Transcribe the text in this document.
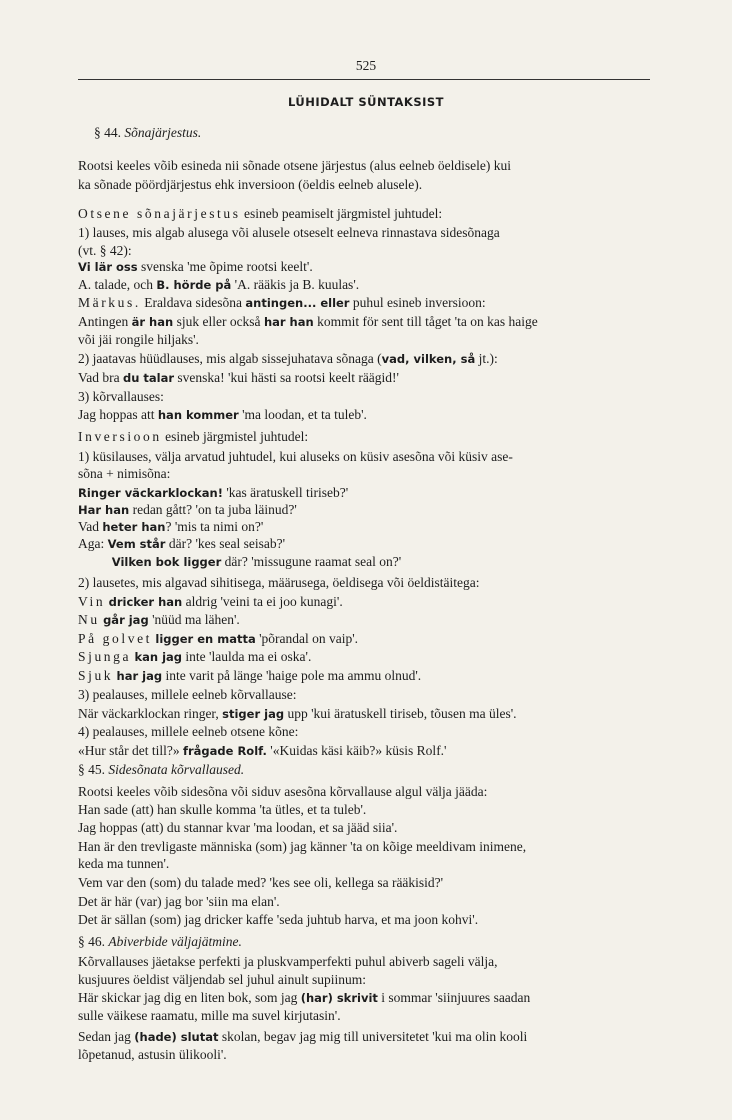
525
LÜHIDALT SÜNTAKSIST
§ 44. Sõnajärjestus.
Rootsi keeles võib esineda nii sõnade otsene järjestus (alus eelneb öeldisele) kui
ka sõnade pöördjärjestus ehk inversioon (öeldis eelneb alusele).
Otsene sõnajärjestus esineb peamiselt järgmistel juhtudel:
1) lauses, mis algab alusega või alusele otseselt eelneva rinnastava sidesõnaga
(vt. § 42):
Vi lär oss svenska 'me õpime rootsi keelt'.
A. talade, och B. hörde på 'A. rääkis ja B. kuulas'.
Märkus. Eraldava sidesõna antingen... eller puhul esineb inversioon:
Antingen är han sjuk eller också har han kommit för sent till tåget 'ta on kas haige
või jäi rongile hiljaks'.
2) jaatavas hüüdlauses, mis algab sissejuhatava sõnaga (vad, vilken, så jt.):
Vad bra du talar svenska! 'kui hästi sa rootsi keelt räägid!'
3) kõrvallauses:
Jag hoppas att han kommer 'ma loodan, et ta tuleb'.
Inversioon esineb järgmistel juhtudel:
1) küsilauses, välja arvatud juhtudel, kui aluseks on küsiv asesõna või küsiv ase-
sõna + nimisõna:
Ringer väckarklockan! 'kas äratuskell tiriseb?'
Har han redan gått? 'on ta juba läinud?'
Vad heter han? 'mis ta nimi on?'
Aga: Vem står där? 'kes seal seisab?'
Vilken bok ligger där? 'missugune raamat seal on?'
2) lausetes, mis algavad sihitisega, määrusega, öeldisega või öeldistäitega:
Vin dricker han aldrig 'veini ta ei joo kunagi'.
Nu går jag 'nüüd ma lähen'.
På golvet ligger en matta 'põrandal on vaip'.
Sjunga kan jag inte 'laulda ma ei oska'.
Sjuk har jag inte varit på länge 'haige pole ma ammu olnud'.
3) pealauses, millele eelneb kõrvallause:
När väckarklockan ringer, stiger jag upp 'kui äratuskell tiriseb, tõusen ma üles'.
4) pealauses, millele eelneb otsene kõne:
«Hur står det till?» frågade Rolf. '«Kuidas käsi käib?» küsis Rolf.'
§ 45. Sidesõnata kõrvallaused.
Rootsi keeles võib sidesõna või siduv asesõna kõrvallause algul välja jääda:
Han sade (att) han skulle komma 'ta ütles, et ta tuleb'.
Jag hoppas (att) du stannar kvar 'ma loodan, et sa jääd siia'.
Han är den trevligaste människa (som) jag känner 'ta on kõige meeldivam inimene,
keda ma tunnen'.
Vem var den (som) du talade med? 'kes see oli, kellega sa rääkisid?'
Det är här (var) jag bor 'siin ma elan'.
Det är sällan (som) jag dricker kaffe 'seda juhtub harva, et ma joon kohvi'.
§ 46. Abiverbide väljajätmine.
Kõrvallauses jäetakse perfekti ja pluskvamperfekti puhul abiverb sageli välja,
kusjuures öeldist väljendab sel juhul ainult supiinum:
Här skickar jag dig en liten bok, som jag (har) skrivit i sommar 'siinjuures saadan
sulle väikese raamatu, mille ma suvel kirjutasin'.
Sedan jag (hade) slutat skolan, begav jag mig till universitetet 'kui ma olin kooli
lõpetanud, astusin ülikooli'.
